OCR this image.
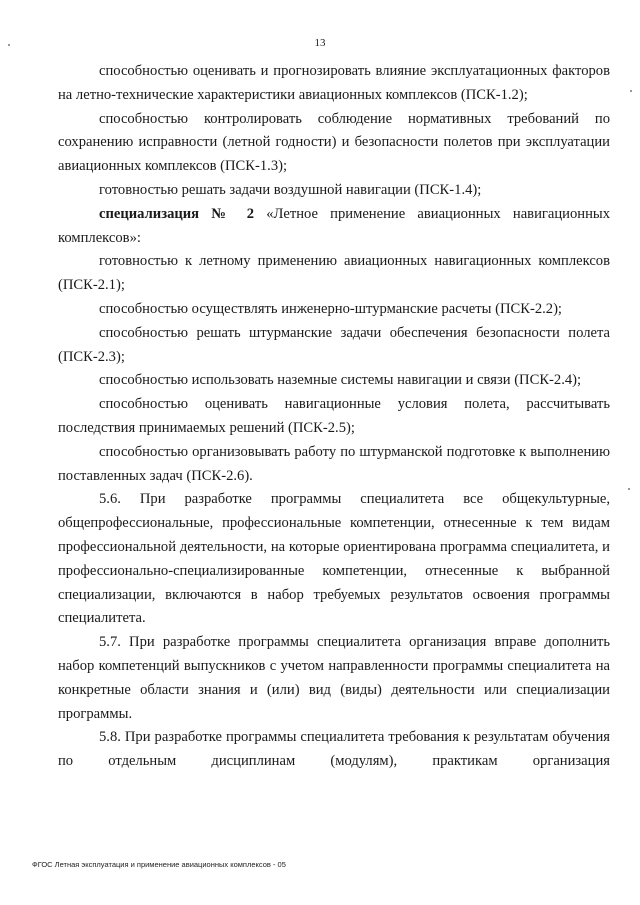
13

способностью оценивать и прогнозировать влияние эксплуатационных факторов на летно-технические характеристики авиационных комплексов (ПСК-1.2);

способностью контролировать соблюдение нормативных требований по сохранению исправности (летной годности) и безопасности полетов при эксплуатации авиационных комплексов (ПСК-1.3);

готовностью решать задачи воздушной навигации (ПСК-1.4);

специализация № 2 «Летное применение авиационных навигационных комплексов»:

готовностью к летному применению авиационных навигационных комплексов (ПСК-2.1);

способностью осуществлять инженерно-штурманские расчеты (ПСК-2.2);

способностью решать штурманские задачи обеспечения безопасности полета (ПСК-2.3);

способностью использовать наземные системы навигации и связи (ПСК-2.4);

способностью оценивать навигационные условия полета, рассчитывать последствия принимаемых решений (ПСК-2.5);

способностью организовывать работу по штурманской подготовке к выполнению поставленных задач (ПСК-2.6).

5.6. При разработке программы специалитета все общекультурные, общепрофессиональные, профессиональные компетенции, отнесенные к тем видам профессиональной деятельности, на которые ориентирована программа специалитета, и профессионально-специализированные компетенции, отнесенные к выбранной специализации, включаются в набор требуемых результатов освоения программы специалитета.

5.7. При разработке программы специалитета организация вправе дополнить набор компетенций выпускников с учетом направленности программы специалитета на конкретные области знания и (или) вид (виды) деятельности или специализации программы.

5.8. При разработке программы специалитета требования к результатам обучения по отдельным дисциплинам (модулям), практикам организация

ФГОС Летная эксплуатация и применение авиационных комплексов - 05
